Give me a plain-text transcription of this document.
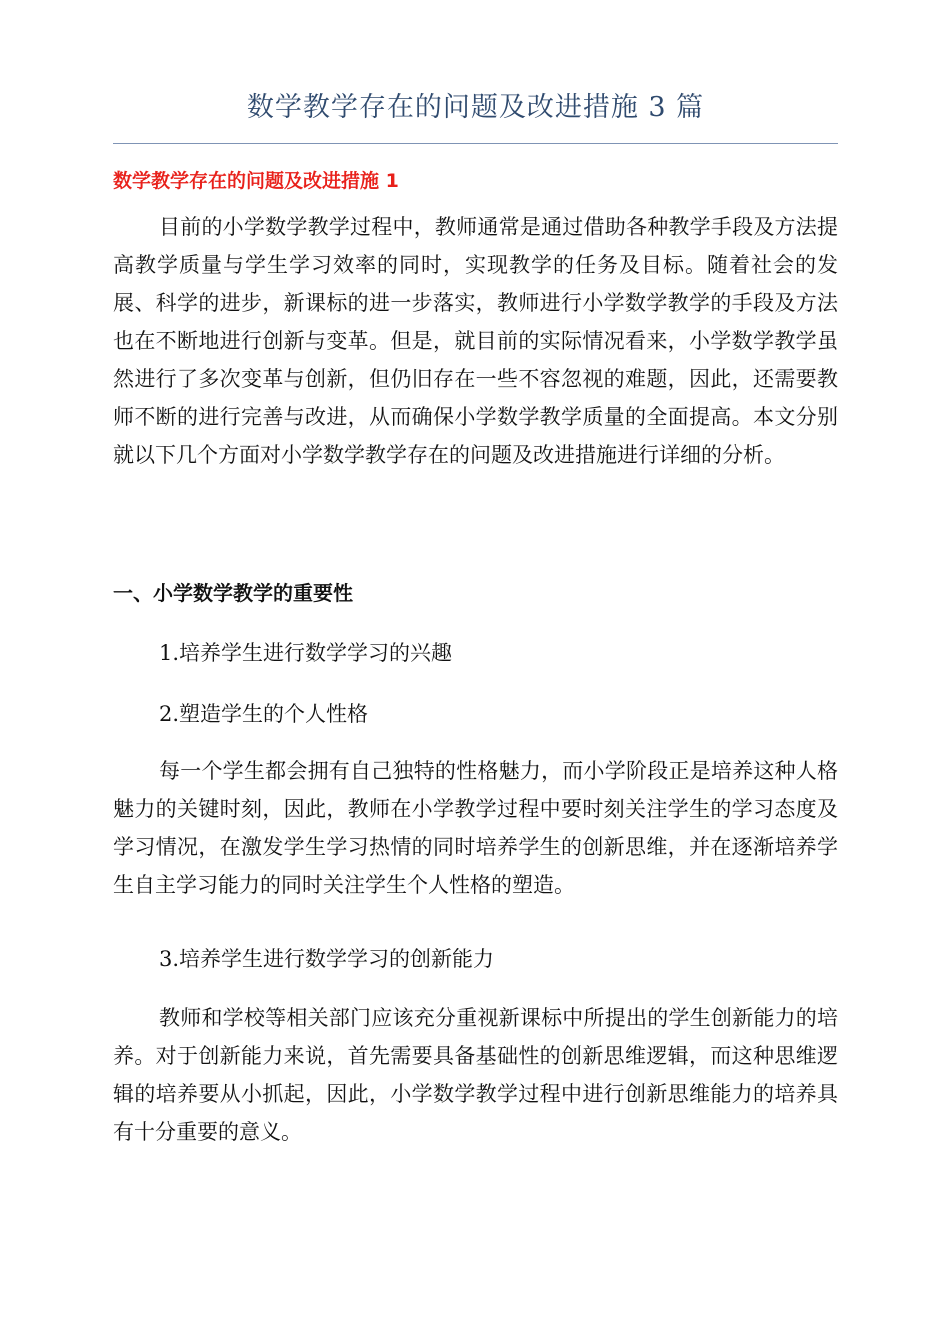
数学教学存在的问题及改进措施 3 篇
数学教学存在的问题及改进措施 1

目前的小学数学教学过程中，教师通常是通过借助各种教学手段及方法提高教学质量与学生学习效率的同时，实现教学的任务及目标。随着社会的发展、科学的进步，新课标的进一步落实，教师进行小学数学教学的手段及方法也在不断地进行创新与变革。但是，就目前的实际情况看来，小学数学教学虽然进行了多次变革与创新，但仍旧存在一些不容忽视的难题，因此，还需要教师不断的进行完善与改进，从而确保小学数学教学质量的全面提高。本文分别就以下几个方面对小学数学教学存在的问题及改进措施进行详细的分析。

一、小学数学教学的重要性

1.培养学生进行数学学习的兴趣

2.塑造学生的个人性格

每一个学生都会拥有自己独特的性格魅力，而小学阶段正是培养这种人格魅力的关键时刻，因此，教师在小学教学过程中要时刻关注学生的学习态度及学习情况，在激发学生学习热情的同时培养学生的创新思维，并在逐渐培养学生自主学习能力的同时关注学生个人性格的塑造。

3.培养学生进行数学学习的创新能力

教师和学校等相关部门应该充分重视新课标中所提出的学生创新能力的培养。对于创新能力来说，首先需要具备基础性的创新思维逻辑，而这种思维逻辑的培养要从小抓起，因此，小学数学教学过程中进行创新思维能力的培养具有十分重要的意义。
